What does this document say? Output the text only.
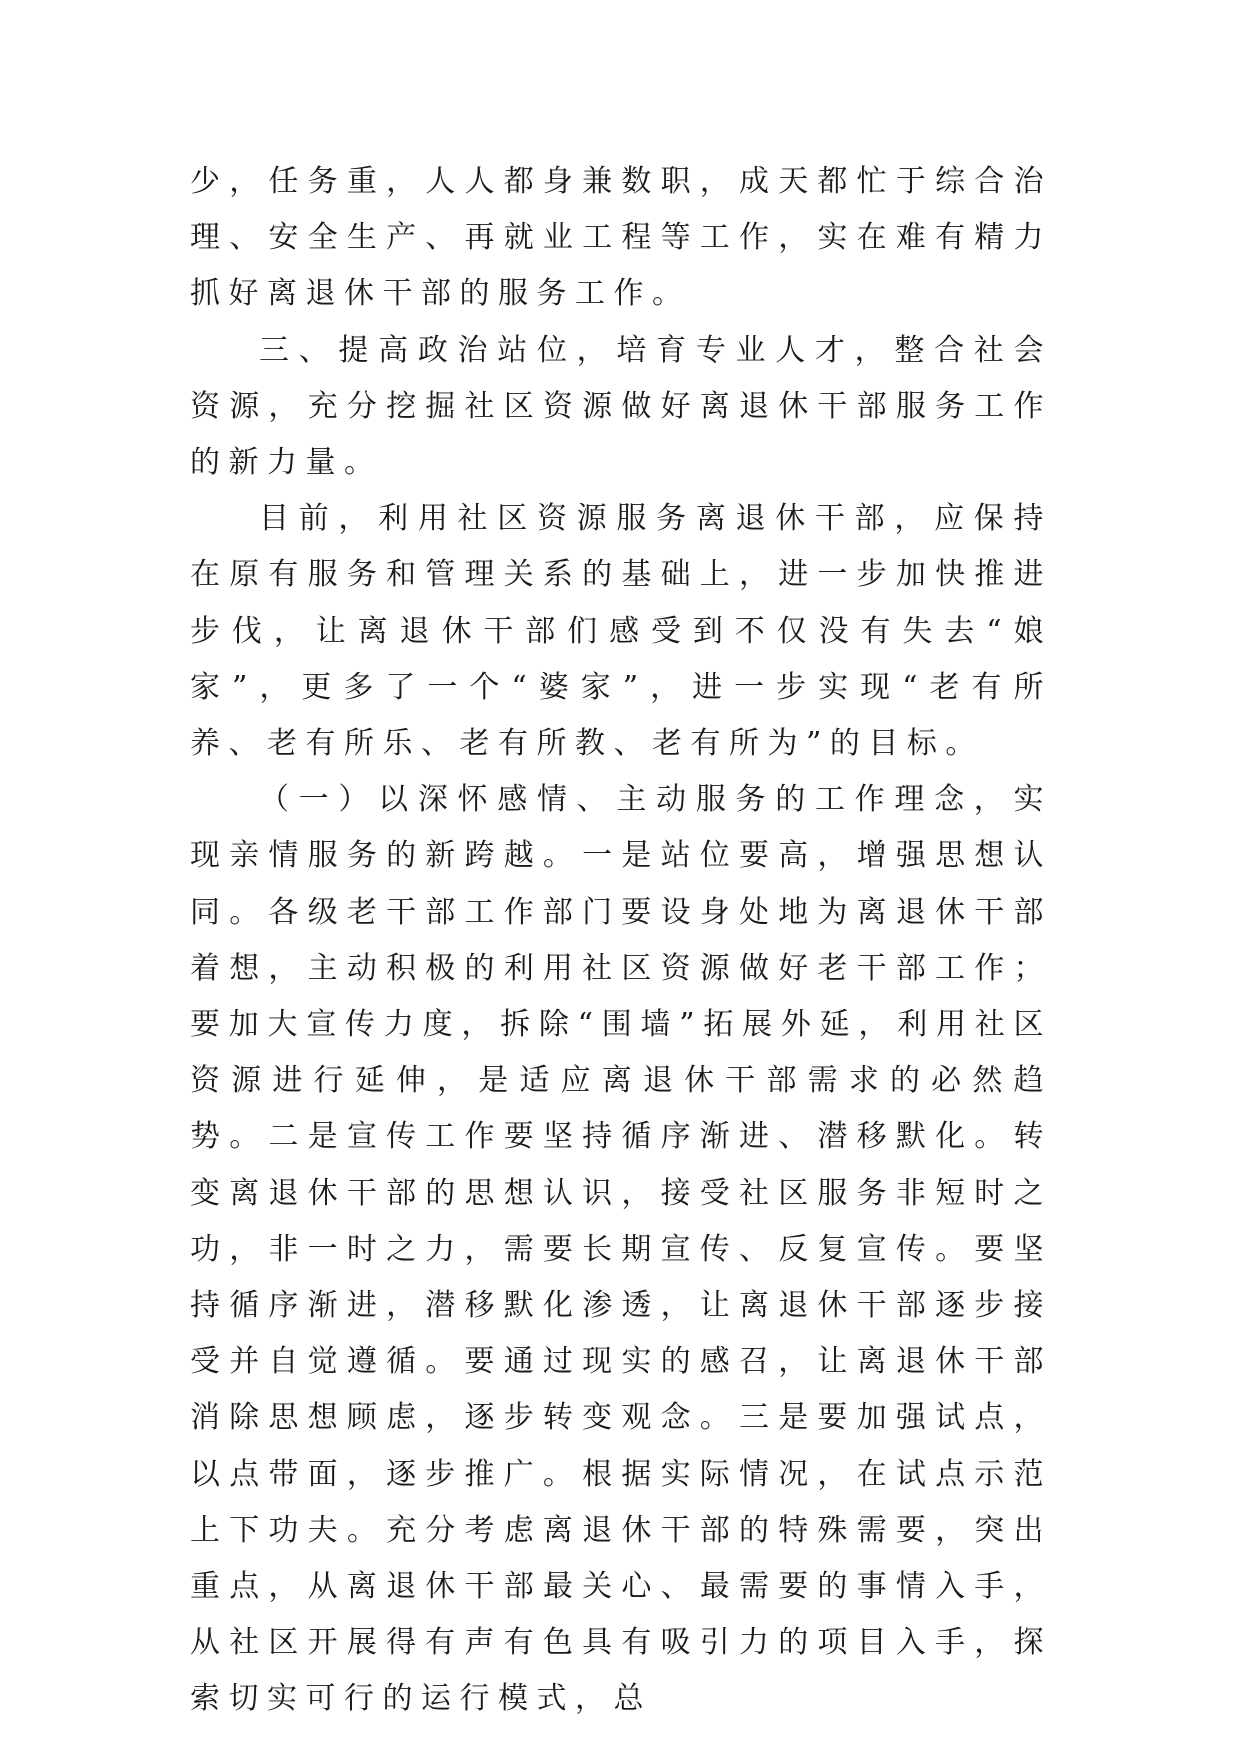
少，任务重，人人都身兼数职，成天都忙于综合治理、安全生产、再就业工程等工作，实在难有精力抓好离退休干部的服务工作。

三、提高政治站位，培育专业人才，整合社会资源，充分挖掘社区资源做好离退休干部服务工作的新力量。

目前，利用社区资源服务离退休干部，应保持在原有服务和管理关系的基础上，进一步加快推进步伐，让离退休干部们感受到不仅没有失去“娘家”，更多了一个“婆家”，进一步实现“老有所养、老有所乐、老有所教、老有所为”的目标。

（一）以深怀感情、主动服务的工作理念，实现亲情服务的新跨越。一是站位要高，增强思想认同。各级老干部工作部门要设身处地为离退休干部着想，主动积极的利用社区资源做好老干部工作；要加大宣传力度，拆除“围墙”拓展外延，利用社区资源进行延伸，是适应离退休干部需求的必然趋势。二是宣传工作要坚持循序渐进、潜移默化。转变离退休干部的思想认识，接受社区服务非短时之功，非一时之力，需要长期宣传、反复宣传。要坚持循序渐进，潜移默化渗透，让离退休干部逐步接受并自觉遵循。要通过现实的感召，让离退休干部消除思想顾虑，逐步转变观念。三是要加强试点，以点带面，逐步推广。根据实际情况，在试点示范上下功夫。充分考虑离退休干部的特殊需要，突出重点，从离退休干部最关心、最需要的事情入手，从社区开展得有声有色具有吸引力的项目入手，探索切实可行的运行模式，总
